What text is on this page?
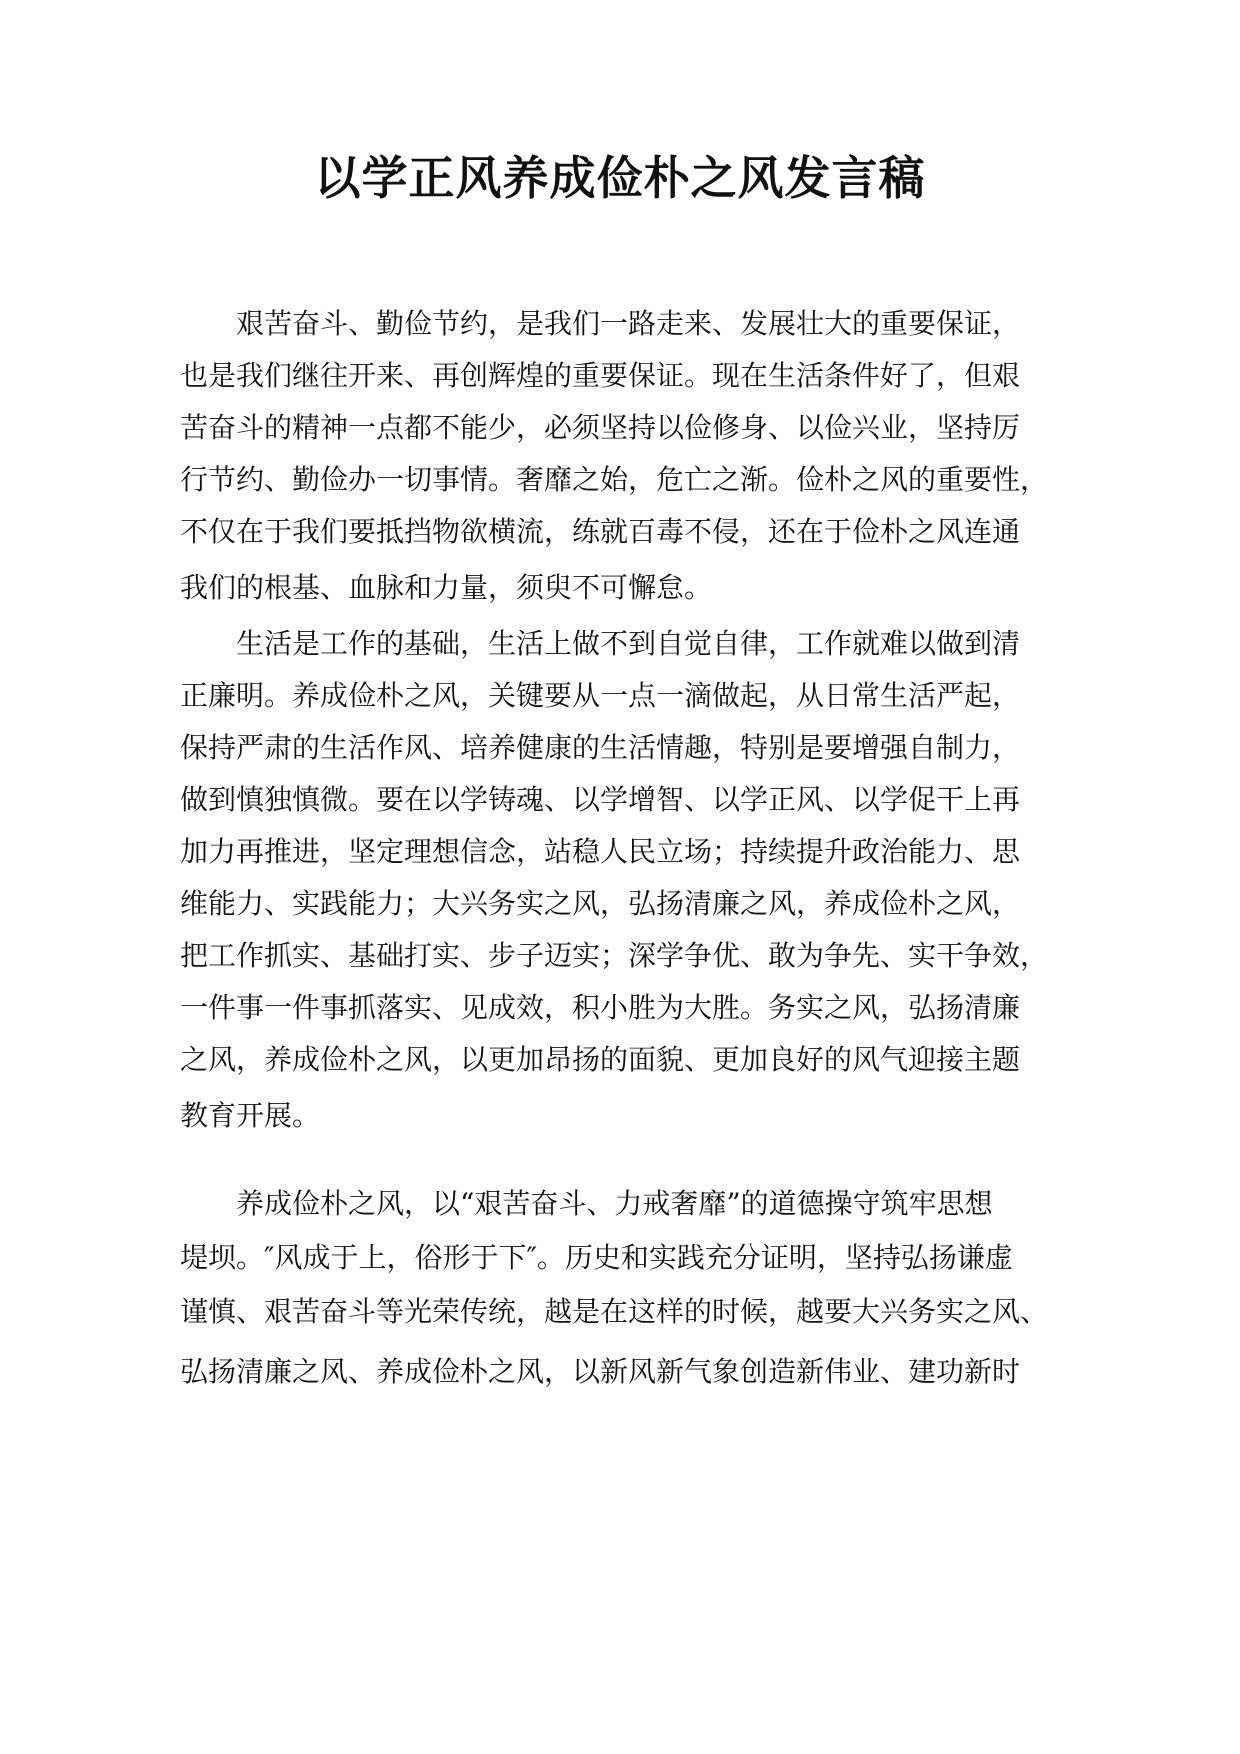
以学正风养成俭朴之风发言稿
艰苦奋斗、勤俭节约，是我们一路走来、发展壮大的重要保证，
也是我们继往开来、再创辉煌的重要保证。现在生活条件好了，但艰
苦奋斗的精神一点都不能少，必须坚持以俭修身、以俭兴业，坚持厉
行节约、勤俭办一切事情。奢靡之始，危亡之渐。俭朴之风的重要性，
不仅在于我们要抵挡物欲横流，练就百毒不侵，还在于俭朴之风连通
我们的根基、血脉和力量，须臾不可懈怠。
生活是工作的基础，生活上做不到自觉自律，工作就难以做到清
正廉明。养成俭朴之风，关键要从一点一滴做起，从日常生活严起，
保持严肃的生活作风、培养健康的生活情趣，特别是要增强自制力，
做到慎独慎微。要在以学铸魂、以学增智、以学正风、以学促干上再
加力再推进，坚定理想信念，站稳人民立场；持续提升政治能力、思
维能力、实践能力；大兴务实之风，弘扬清廉之风，养成俭朴之风，
把工作抓实、基础打实、步子迈实；深学争优、敢为争先、实干争效，
一件事一件事抓落实、见成效，积小胜为大胜。务实之风，弘扬清廉
之风，养成俭朴之风，以更加昂扬的面貌、更加良好的风气迎接主题
教育开展。
养成俭朴之风，以“艰苦奋斗、力戒奢靡”的道德操守筑牢思想
堤坝。″风成于上，俗形于下″。历史和实践充分证明，坚持弘扬谦虚
谨慎、艰苦奋斗等光荣传统，越是在这样的时候，越要大兴务实之风、
弘扬清廉之风、养成俭朴之风，以新风新气象创造新伟业、建功新时
